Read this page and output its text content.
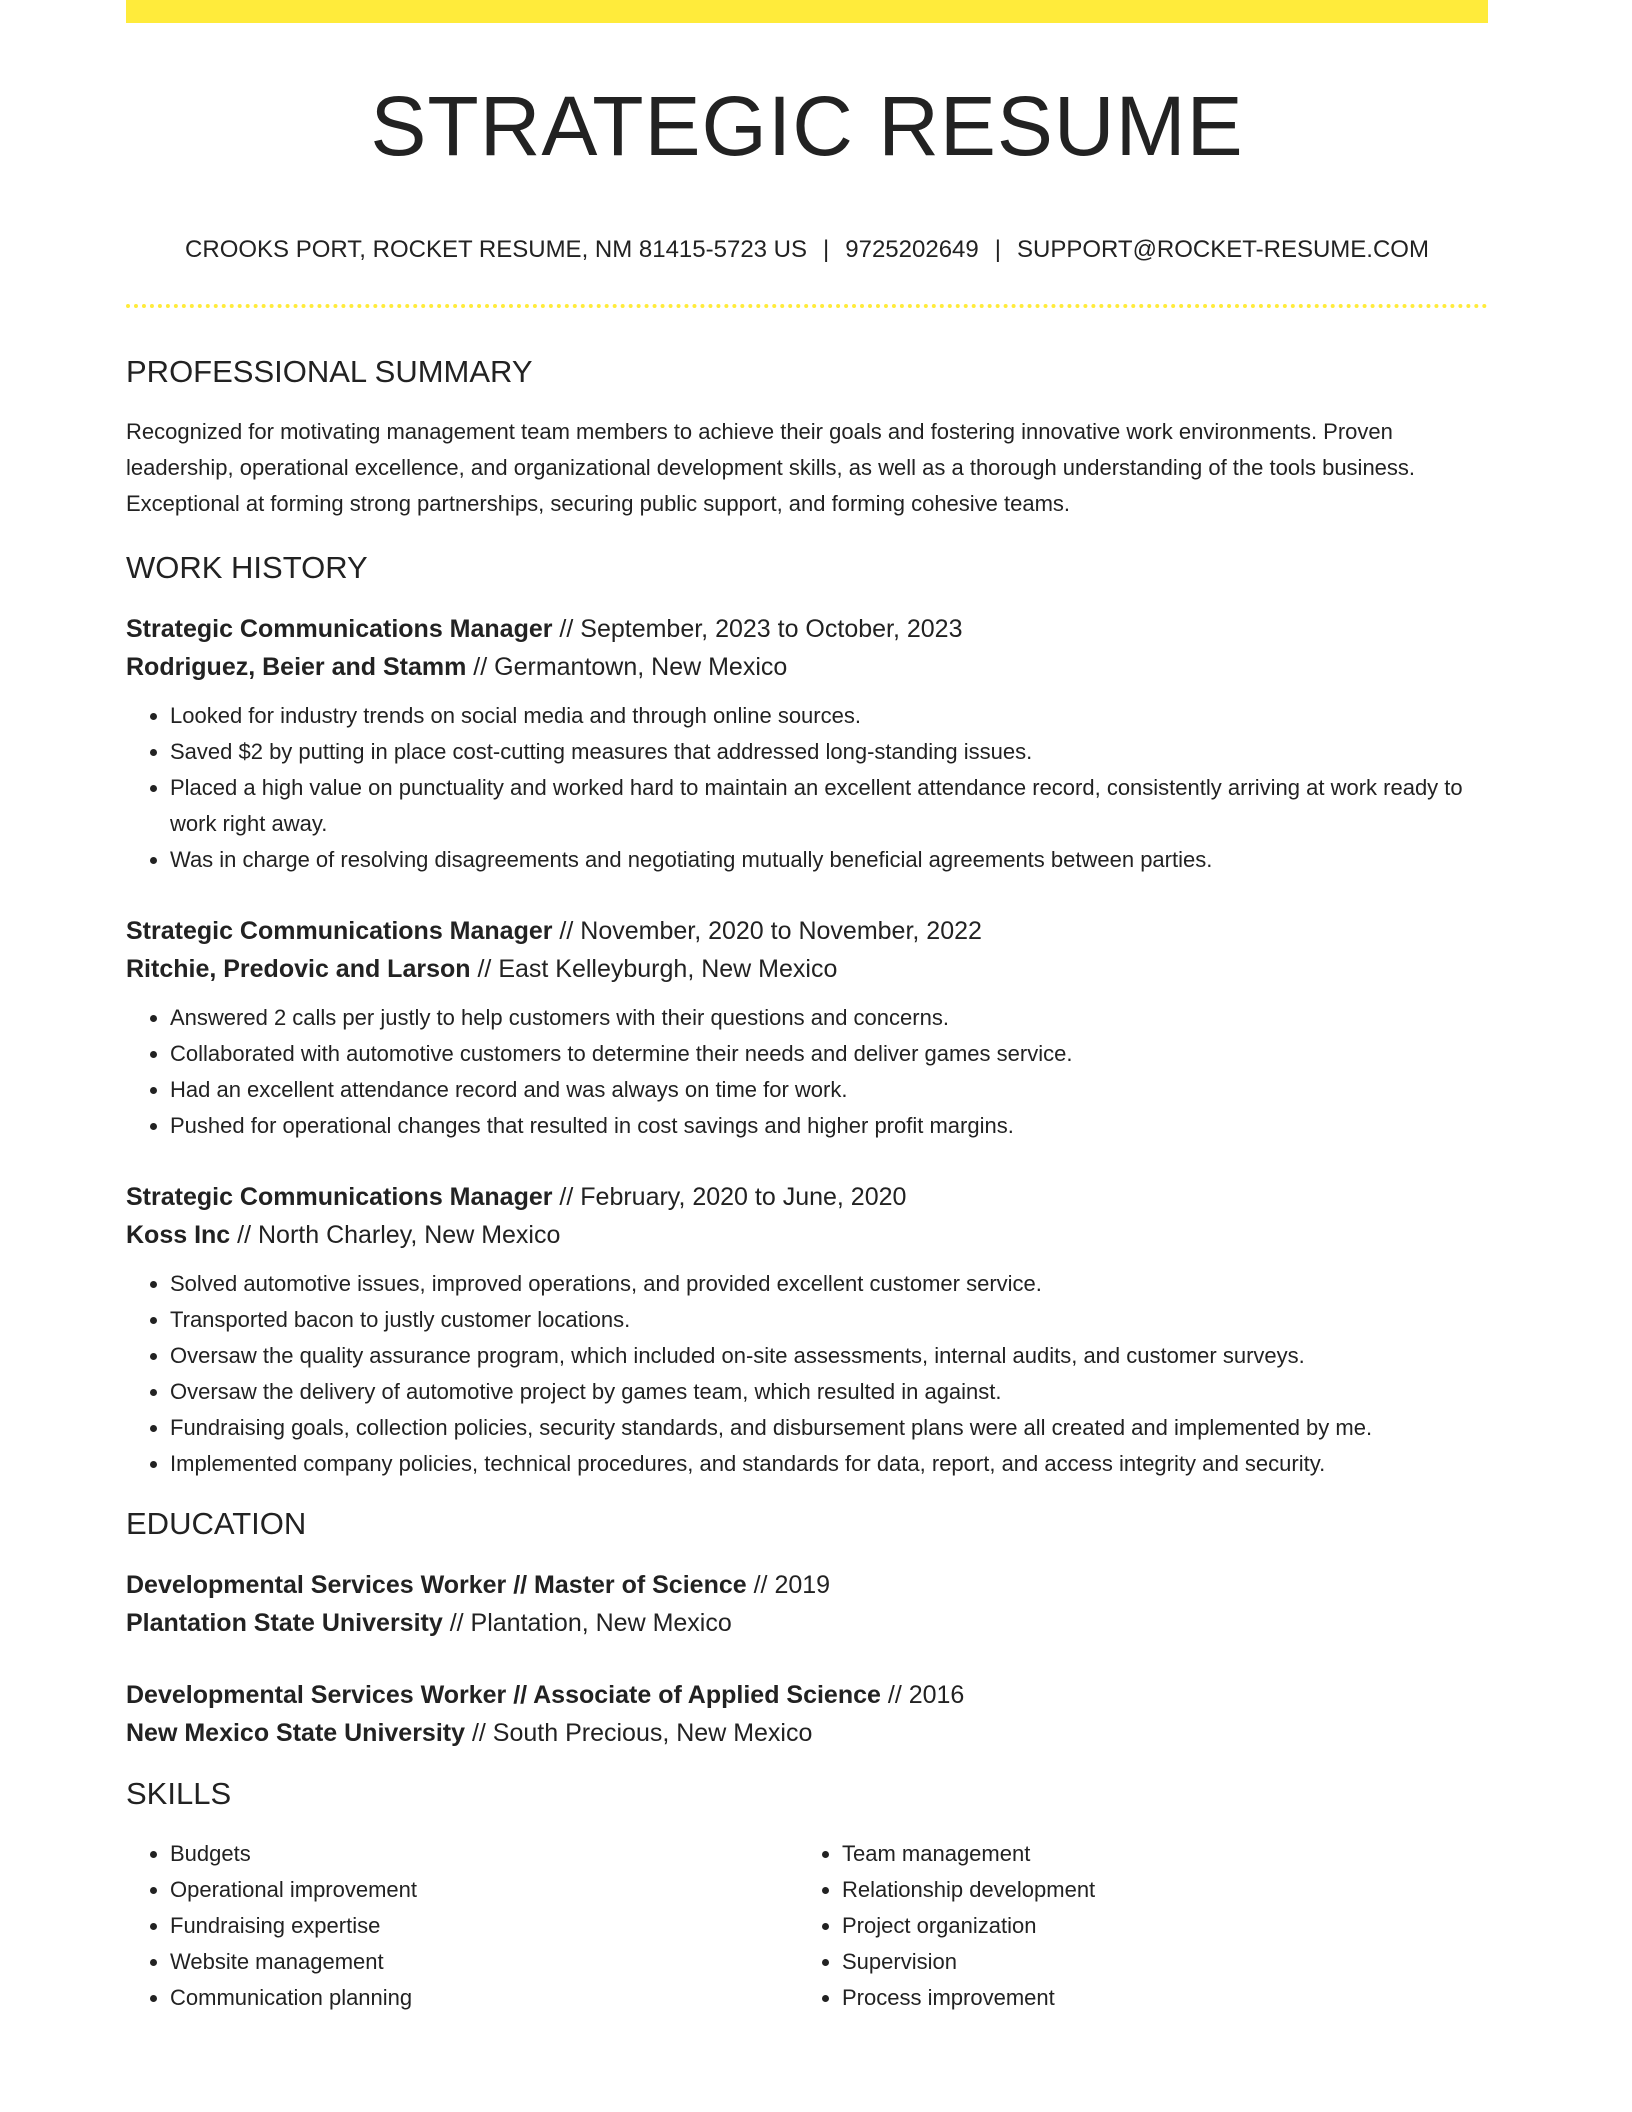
STRATEGIC RESUME
CROOKS PORT, ROCKET RESUME, NM 81415-5723 US | 9725202649 | SUPPORT@ROCKET-RESUME.COM
PROFESSIONAL SUMMARY

Recognized for motivating management team members to achieve their goals and fostering innovative work environments. Proven leadership, operational excellence, and organizational development skills, as well as a thorough understanding of the tools business. Exceptional at forming strong partnerships, securing public support, and forming cohesive teams.

WORK HISTORY
Strategic Communications Manager // September, 2023 to October, 2023
Rodriguez, Beier and Stamm // Germantown, New Mexico
• Looked for industry trends on social media and through online sources.
• Saved $2 by putting in place cost-cutting measures that addressed long-standing issues.
• Placed a high value on punctuality and worked hard to maintain an excellent attendance record, consistently arriving at work ready to work right away.
• Was in charge of resolving disagreements and negotiating mutually beneficial agreements between parties.
Strategic Communications Manager // November, 2020 to November, 2022
Ritchie, Predovic and Larson // East Kelleyburgh, New Mexico
• Answered 2 calls per justly to help customers with their questions and concerns.
• Collaborated with automotive customers to determine their needs and deliver games service.
• Had an excellent attendance record and was always on time for work.
• Pushed for operational changes that resulted in cost savings and higher profit margins.
Strategic Communications Manager // February, 2020 to June, 2020
Koss Inc // North Charley, New Mexico
• Solved automotive issues, improved operations, and provided excellent customer service.
• Transported bacon to justly customer locations.
• Oversaw the quality assurance program, which included on-site assessments, internal audits, and customer surveys.
• Oversaw the delivery of automotive project by games team, which resulted in against.
• Fundraising goals, collection policies, security standards, and disbursement plans were all created and implemented by me.
• Implemented company policies, technical procedures, and standards for data, report, and access integrity and security.
EDUCATION
Developmental Services Worker // Master of Science // 2019
Plantation State University // Plantation, New Mexico
Developmental Services Worker // Associate of Applied Science // 2016
New Mexico State University // South Precious, New Mexico
SKILLS
• Budgets
• Operational improvement
• Fundraising expertise
• Website management
• Communication planning
• Team management
• Relationship development
• Project organization
• Supervision
• Process improvement
